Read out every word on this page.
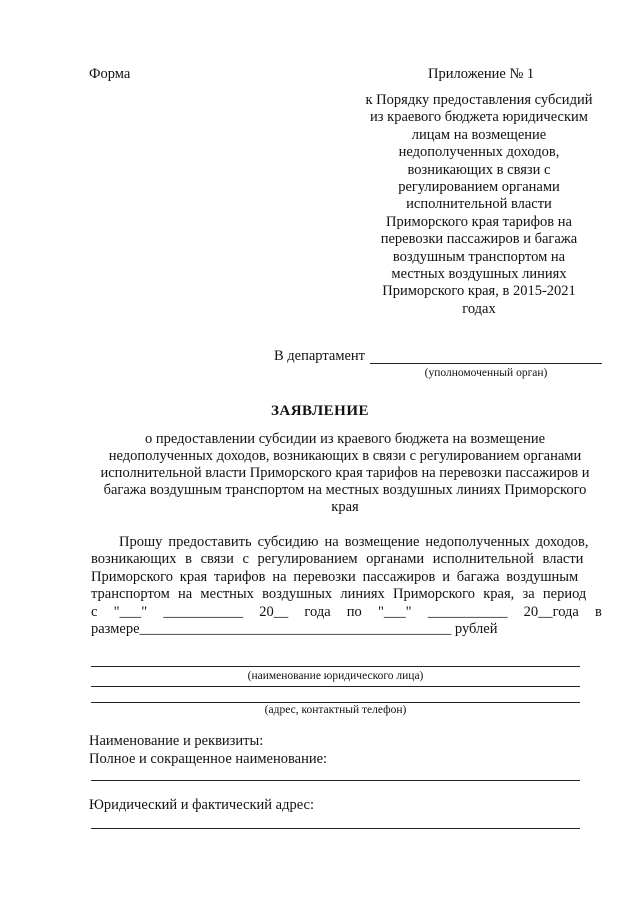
Форма	Приложение № 1
к Порядку предоставления субсидий
из краевого бюджета юридическим
лицам на возмещение
недополученных доходов,
возникающих в связи с
регулированием органами
исполнительной власти
Приморского края тарифов на
перевозки пассажиров и багажа
воздушным транспортом на
местных воздушных линиях
Приморского края, в 2015-2021
годах
В департамент
(уполномоченный орган)
ЗАЯВЛЕНИЕ
о предоставлении субсидии из краевого бюджета на возмещение
недополученных доходов, возникающих в связи с регулированием органами
исполнительной власти Приморского края тарифов на перевозки пассажиров и
багажа воздушным транспортом на местных воздушных линиях Приморского
края
Прошу предоставить субсидию на возмещение недополученных доходов,
возникающих в связи с регулированием органами исполнительной власти
Приморского края тарифов на перевозки пассажиров и багажа воздушным
транспортом на местных воздушных линиях Приморского края, за период
с "___" ___________ 20__ года по "___" ___________ 20__года в
размере___________________________________________ рублей
(наименование юридического лица)
(адрес, контактный телефон)
Наименование и реквизиты:
Полное и сокращенное наименование:
Юридический и фактический адрес:
